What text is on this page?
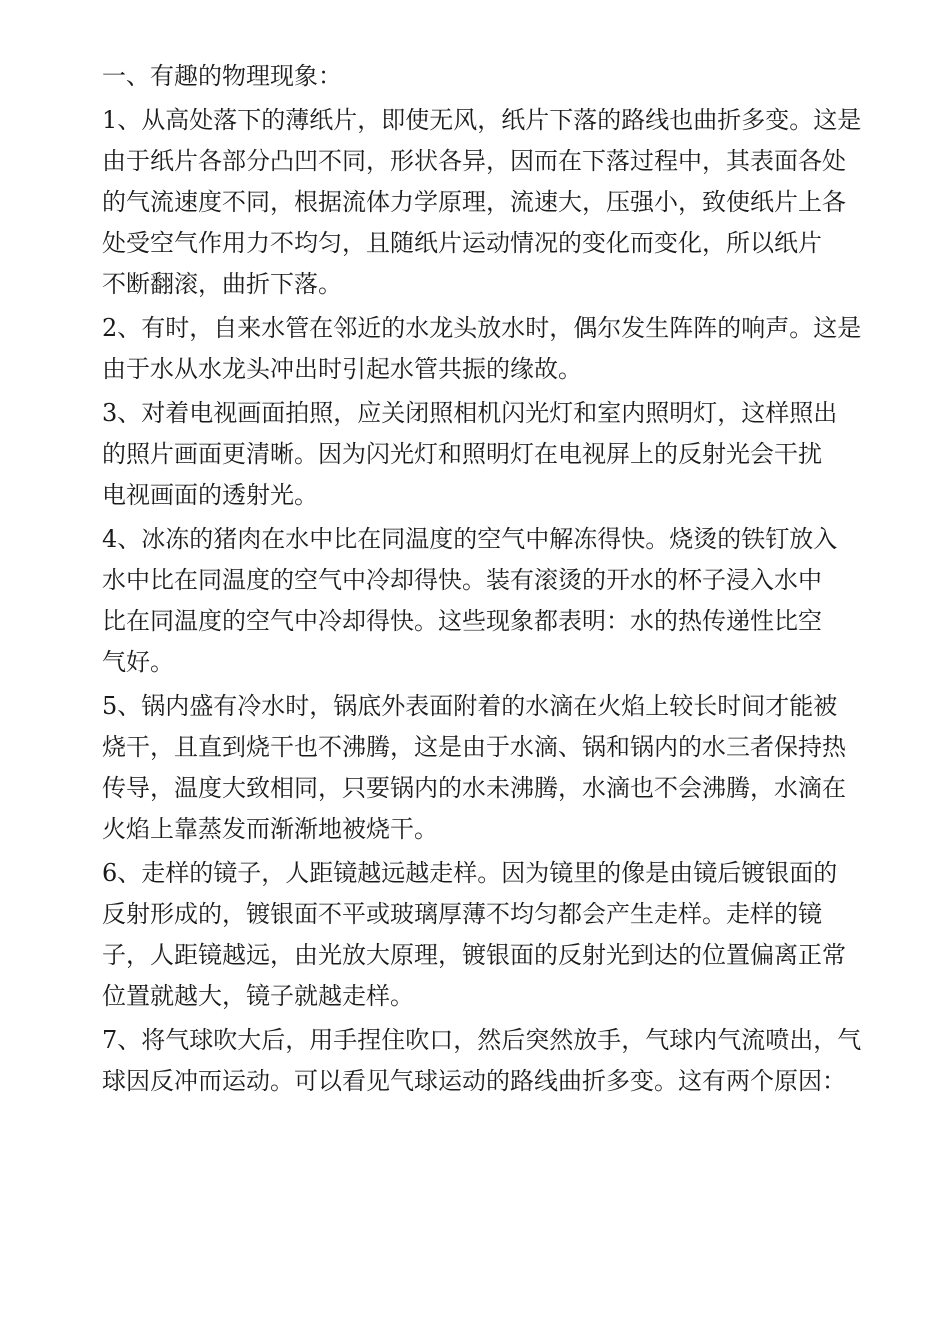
一、有趣的物理现象：
1、从高处落下的薄纸片，即使无风，纸片下落的路线也曲折多变。这是
由于纸片各部分凸凹不同，形状各异，因而在下落过程中，其表面各处
的气流速度不同，根据流体力学原理，流速大，压强小，致使纸片上各
处受空气作用力不均匀，且随纸片运动情况的变化而变化，所以纸片
不断翻滚，曲折下落。
2、有时，自来水管在邻近的水龙头放水时，偶尔发生阵阵的响声。这是
由于水从水龙头冲出时引起水管共振的缘故。
3、对着电视画面拍照，应关闭照相机闪光灯和室内照明灯，这样照出
的照片画面更清晰。因为闪光灯和照明灯在电视屏上的反射光会干扰
电视画面的透射光。
4、冰冻的猪肉在水中比在同温度的空气中解冻得快。烧烫的铁钉放入
水中比在同温度的空气中冷却得快。装有滚烫的开水的杯子浸入水中
比在同温度的空气中冷却得快。这些现象都表明：水的热传递性比空
气好。
5、锅内盛有冷水时，锅底外表面附着的水滴在火焰上较长时间才能被
烧干，且直到烧干也不沸腾，这是由于水滴、锅和锅内的水三者保持热
传导，温度大致相同，只要锅内的水未沸腾，水滴也不会沸腾，水滴在
火焰上靠蒸发而渐渐地被烧干。
6、走样的镜子，人距镜越远越走样。因为镜里的像是由镜后镀银面的
反射形成的，镀银面不平或玻璃厚薄不均匀都会产生走样。走样的镜
子，人距镜越远，由光放大原理，镀银面的反射光到达的位置偏离正常
位置就越大，镜子就越走样。
7、将气球吹大后，用手捏住吹口，然后突然放手，气球内气流喷出，气
球因反冲而运动。可以看见气球运动的路线曲折多变。这有两个原因：
